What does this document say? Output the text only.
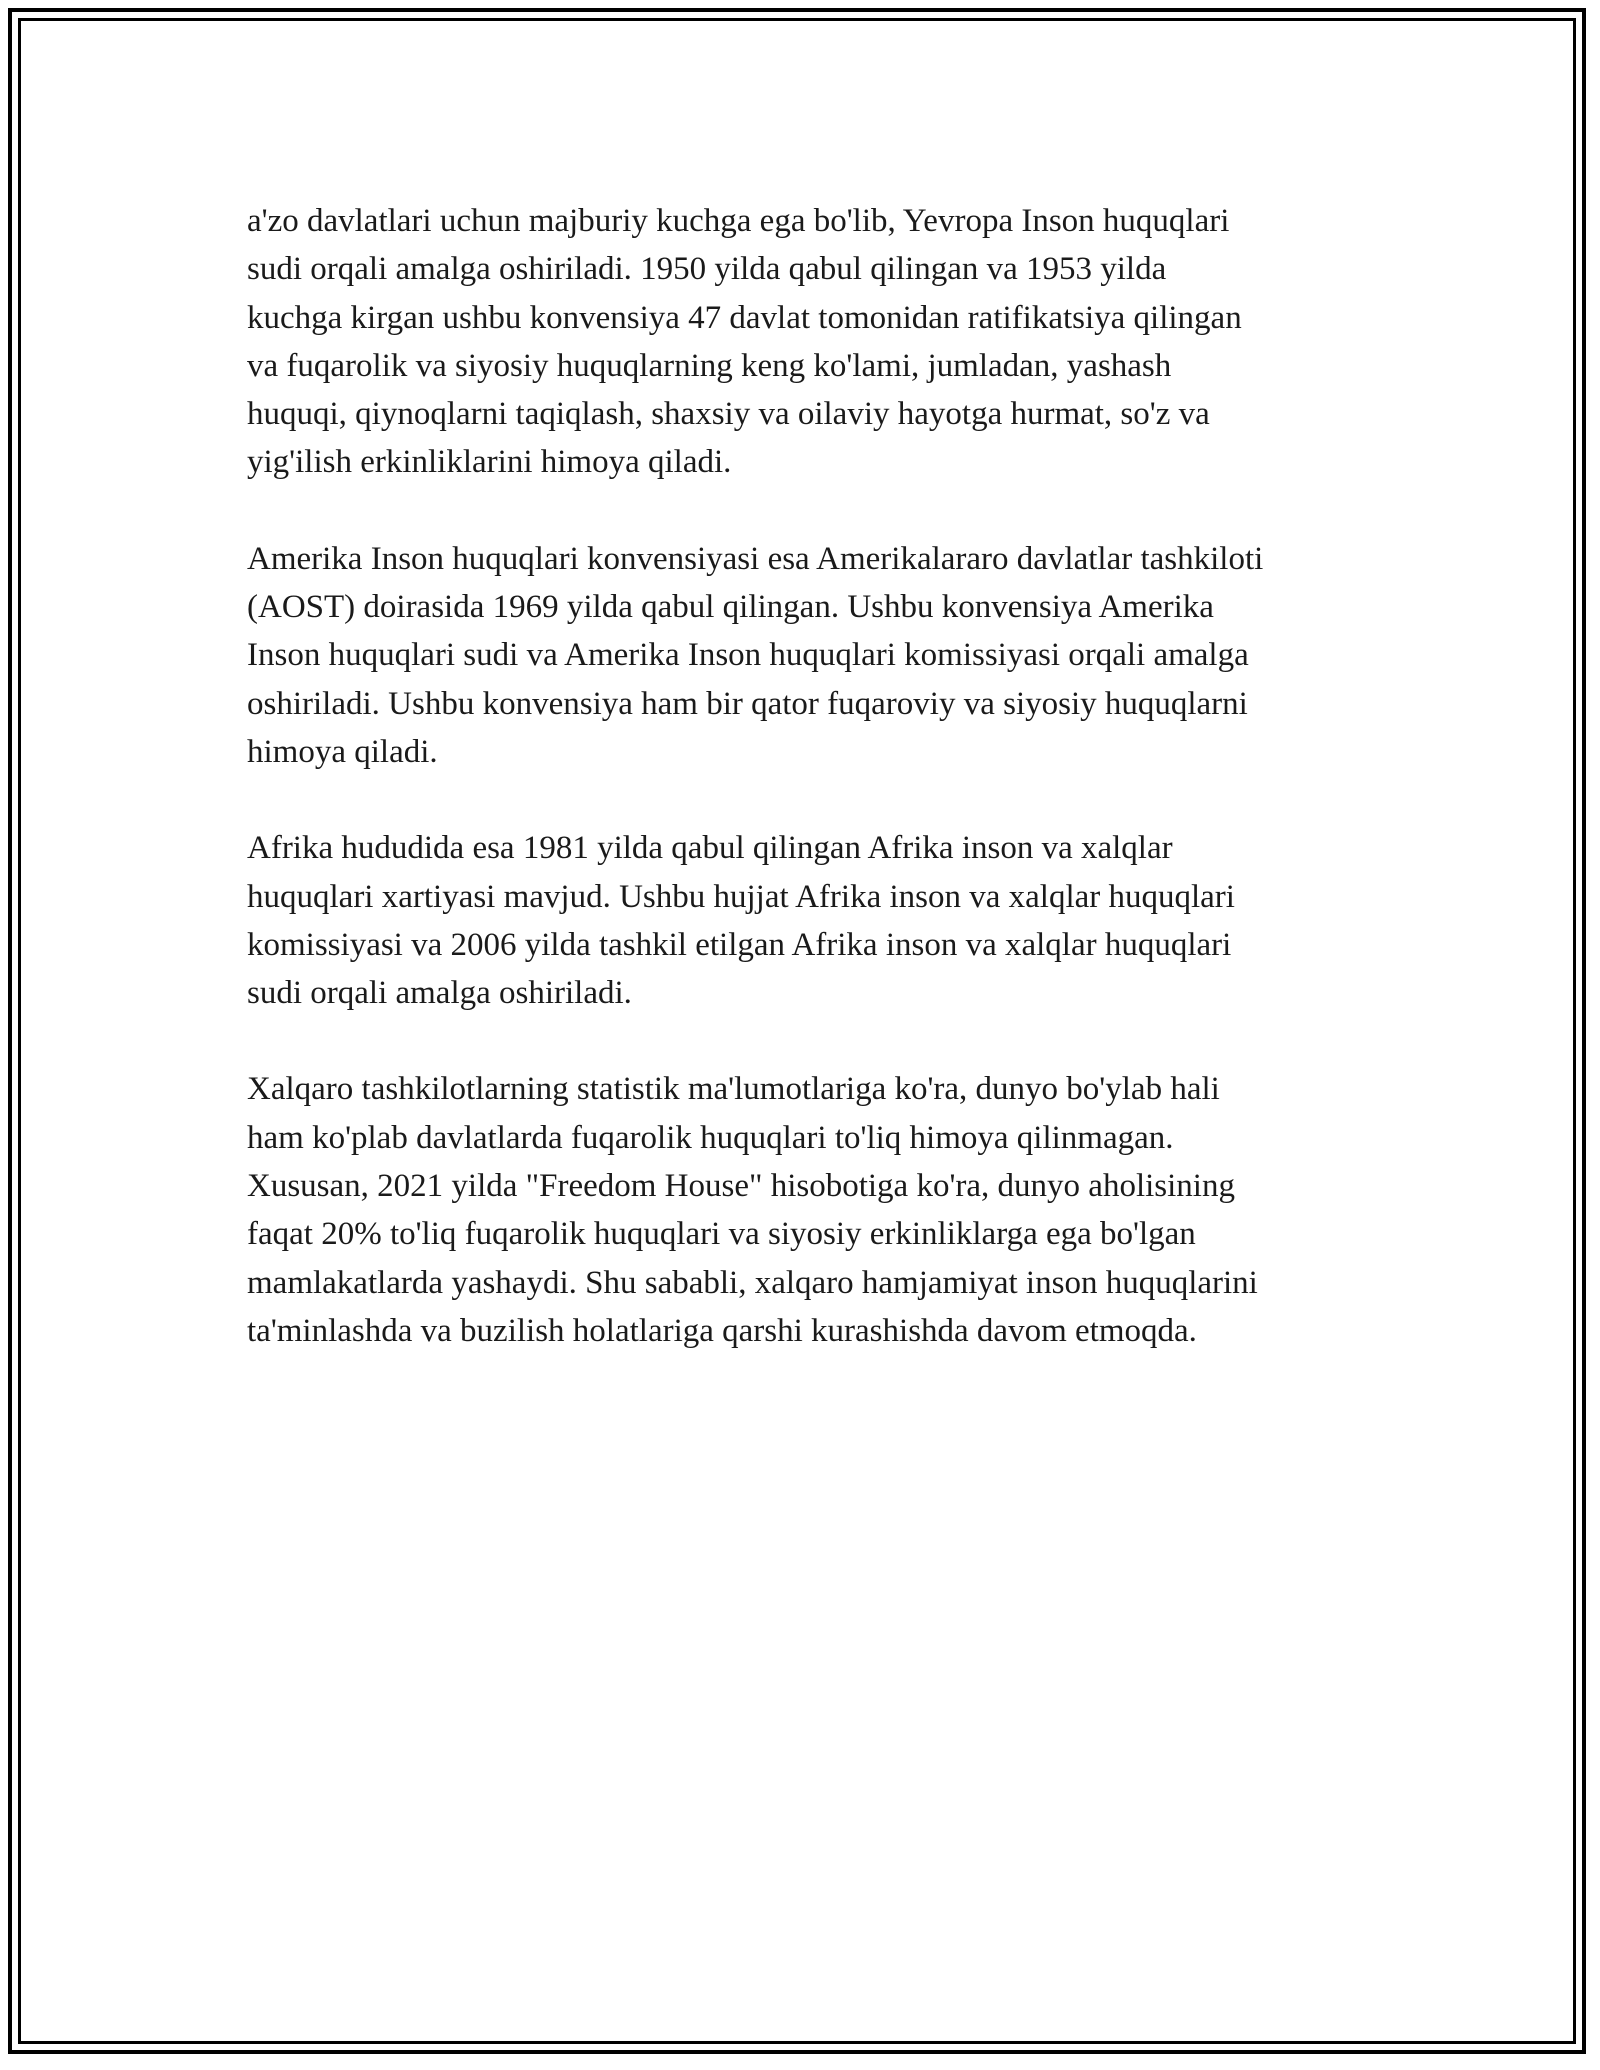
a'zo davlatlari uchun majburiy kuchga ega bo'lib, Yevropa Inson huquqlari
sudi orqali amalga oshiriladi. 1950 yilda qabul qilingan va 1953 yilda
kuchga kirgan ushbu konvensiya 47 davlat tomonidan ratifikatsiya qilingan
va fuqarolik va siyosiy huquqlarning keng ko'lami, jumladan, yashash
huquqi, qiynoqlarni taqiqlash, shaxsiy va oilaviy hayotga hurmat, so'z va
yig'ilish erkinliklarini himoya qiladi.

Amerika Inson huquqlari konvensiyasi esa Amerikalararo davlatlar tashkiloti
(AOST) doirasida 1969 yilda qabul qilingan. Ushbu konvensiya Amerika
Inson huquqlari sudi va Amerika Inson huquqlari komissiyasi orqali amalga
oshiriladi. Ushbu konvensiya ham bir qator fuqaroviy va siyosiy huquqlarni
himoya qiladi.

Afrika hududida esa 1981 yilda qabul qilingan Afrika inson va xalqlar
huquqlari xartiyasi mavjud. Ushbu hujjat Afrika inson va xalqlar huquqlari
komissiyasi va 2006 yilda tashkil etilgan Afrika inson va xalqlar huquqlari
sudi orqali amalga oshiriladi.

Xalqaro tashkilotlarning statistik ma'lumotlariga ko'ra, dunyo bo'ylab hali
ham ko'plab davlatlarda fuqarolik huquqlari to'liq himoya qilinmagan.
Xususan, 2021 yilda "Freedom House" hisobotiga ko'ra, dunyo aholisining
faqat 20% to'liq fuqarolik huquqlari va siyosiy erkinliklarga ega bo'lgan
mamlakatlarda yashaydi. Shu sababli, xalqaro hamjamiyat inson huquqlarini
ta'minlashda va buzilish holatlariga qarshi kurashishda davom etmoqda.
